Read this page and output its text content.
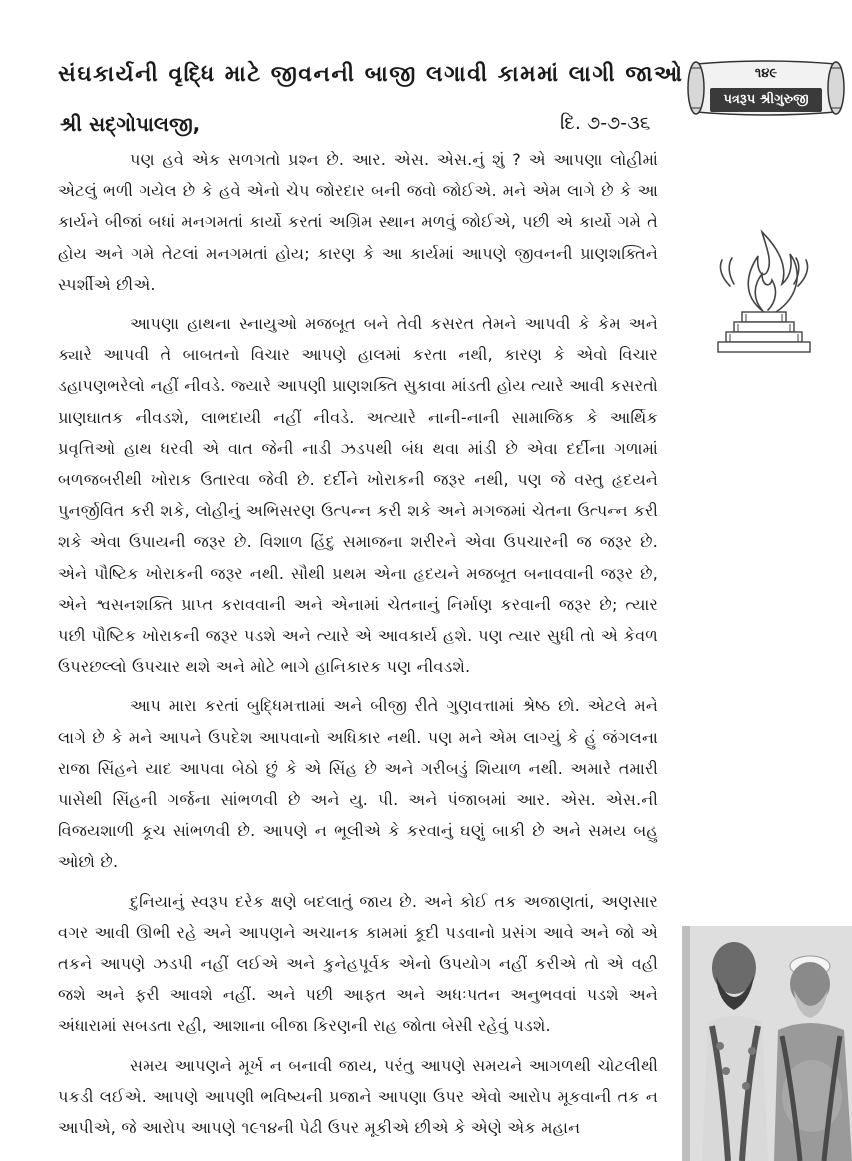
સંઘકાર્યની વૃદ્ધિ માટે જીવનની બાજી લગાવી કામમાં લાગી જાઓ	૧૪૯
પત્રરૂપ શ્રીગુરુજી
શ્રી સદ્‌ગોપાલજી,	દિ. ૭-૭-૩૬

પણ હવે એક સળગતો પ્રશ્ન છે. આર. એસ. એસ.નું શું ? એ આપણા લોહીમાં એટલું ભળી ગયેલ છે કે હવે એનો ચેપ જોરદાર બની જવો જોઈએ. મને એમ લાગે છે કે આ કાર્યને બીજાં બધાં મનગમતાં કાર્યો કરતાં અગ્રિમ સ્થાન મળવું જોઈએ, પછી એ કાર્યો ગમે તે હોય અને ગમે તેટલાં મનગમતાં હોય; કારણ કે આ કાર્યમાં આપણે જીવનની પ્રાણશક્તિને સ્પર્શીએ છીએ.

આપણા હાથના સ્નાયુઓ મજબૂત બને તેવી કસરત તેમને આપવી કે કેમ અને ક્યારે આપવી તે બાબતનો વિચાર આપણે હાલમાં કરતા નથી, કારણ કે એવો વિચાર ડહાપણભરેલો નહીં નીવડે. જ્યારે આપણી પ્રાણશક્તિ સુકાવા માંડતી હોય ત્યારે આવી કસરતો પ્રાણઘાતક નીવડશે, લાભદાયી નહીં નીવડે. અત્યારે નાની-નાની સામાજિક કે આર્થિક પ્રવૃત્તિઓ હાથ ધરવી એ વાત જેની નાડી ઝડપથી બંધ થવા માંડી છે એવા દર્દીના ગળામાં બળજબરીથી ખોરાક ઉતારવા જેવી છે. દર્દીને ખોરાકની જરૂર નથી, પણ જે વસ્તુ હૃદયને પુનર્જીવિત કરી શકે, લોહીનું અભિસરણ ઉત્પન્ન કરી શકે અને મગજમાં ચેતના ઉત્પન્ન કરી શકે એવા ઉપાયની જરૂર છે. વિશાળ હિંદુ સમાજના શરીરને એવા ઉપચારની જ જરૂર છે. એને પૌષ્ટિક ખોરાકની જરૂર નથી. સૌથી પ્રથમ એના હૃદયને મજબૂત બનાવવાની જરૂર છે, એને શ્વસનશક્તિ પ્રાપ્ત કરાવવાની અને એનામાં ચેતનાનું નિર્માણ કરવાની જરૂર છે; ત્યાર પછી પૌષ્ટિક ખોરાકની જરૂર પડશે અને ત્યારે એ આવકાર્ય હશે. પણ ત્યાર સુધી તો એ કેવળ ઉપરછલ્લો ઉપચાર થશે અને મોટે ભાગે હાનિકારક પણ નીવડશે.

આપ મારા કરતાં બુદ્ધિમત્તામાં અને બીજી રીતે ગુણવત્તામાં શ્રેષ્ઠ છો. એટલે મને લાગે છે કે મને આપને ઉપદેશ આપવાનો અધિકાર નથી. પણ મને એમ લાગ્યું કે હું જંગલના રાજા સિંહને યાદ આપવા બેઠો છું કે એ સિંહ છે અને ગરીબડું શિયાળ નથી. અમારે તમારી પાસેથી સિંહની ગર્જના સાંભળવી છે અને યુ. પી. અને પંજાબમાં આર. એસ. એસ.ની વિજયશાળી કૂચ સાંભળવી છે. આપણે ન ભૂલીએ કે કરવાનું ઘણું બાકી છે અને સમય બહુ ઓછો છે.

દુનિયાનું સ્વરૂપ દરેક ક્ષણે બદલાતું જાય છે. અને કોઈ તક અજાણતાં, અણસાર વગર આવી ઊભી રહે અને આપણને અચાનક કામમાં કૂદી પડવાનો પ્રસંગ આવે અને જો એ તકને આપણે ઝડપી નહીં લઈએ અને કુનેહપૂર્વક એનો ઉપયોગ નહીં કરીએ તો એ વહી જશે અને ફરી આવશે નહીં. અને પછી આફત અને અધઃપતન અનુભવવાં પડશે અને અંધારામાં સબડતા રહી, આશાના બીજા કિરણની રાહ જોતા બેસી રહેવું પડશે.

સમય આપણને મૂર્ખ ન બનાવી જાય, પરંતુ આપણે સમયને આગળથી ચોટલીથી પકડી લઈએ. આપણે આપણી ભવિષ્યની પ્રજાને આપણા ઉપર એવો આરોપ મૂકવાની તક ન આપીએ, જે આરોપ આપણે ૧૯૧૪ની પેઢી ઉપર મૂકીએ છીએ કે એણે એક મહાન
